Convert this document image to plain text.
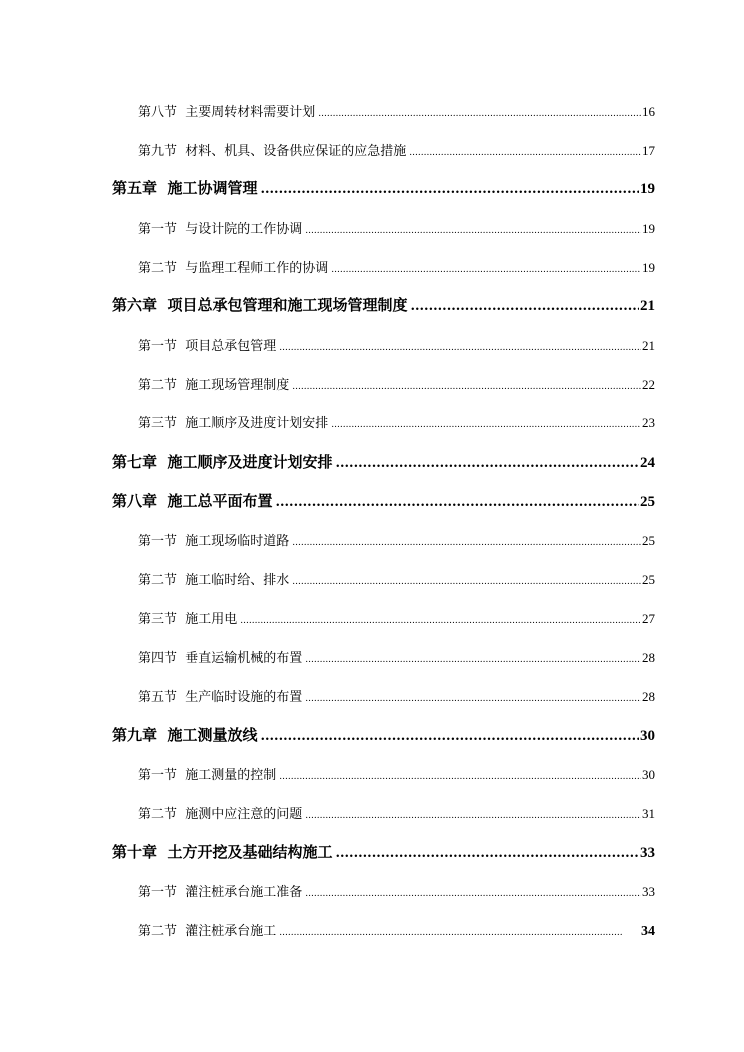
第八节 主要周转材料需要计划 .....	16
第九节 材料、机具、设备供应保证的应急措施 .....	17
第五章 施工协调管理 .....	19
第一节 与设计院的工作协调 .....	19
第二节 与监理工程师工作的协调 .....	19
第六章 项目总承包管理和施工现场管理制度 .....	21
第一节 项目总承包管理 .....	21
第二节 施工现场管理制度 .....	22
第三节 施工顺序及进度计划安排 .....	23
第七章 施工顺序及进度计划安排 .....	24
第八章 施工总平面布置 .....	25
第一节 施工现场临时道路 .....	25
第二节 施工临时给、排水 .....	25
第三节 施工用电 .....	27
第四节 垂直运输机械的布置 .....	28
第五节 生产临时设施的布置 .....	28
第九章 施工测量放线 .....	30
第一节 施工测量的控制 .....	30
第二节 施测中应注意的问题 .....	31
第十章 土方开挖及基础结构施工 .....	33
第一节 灌注桩承台施工准备 .....	33
第二节 灌注桩承台施工 .....	34
